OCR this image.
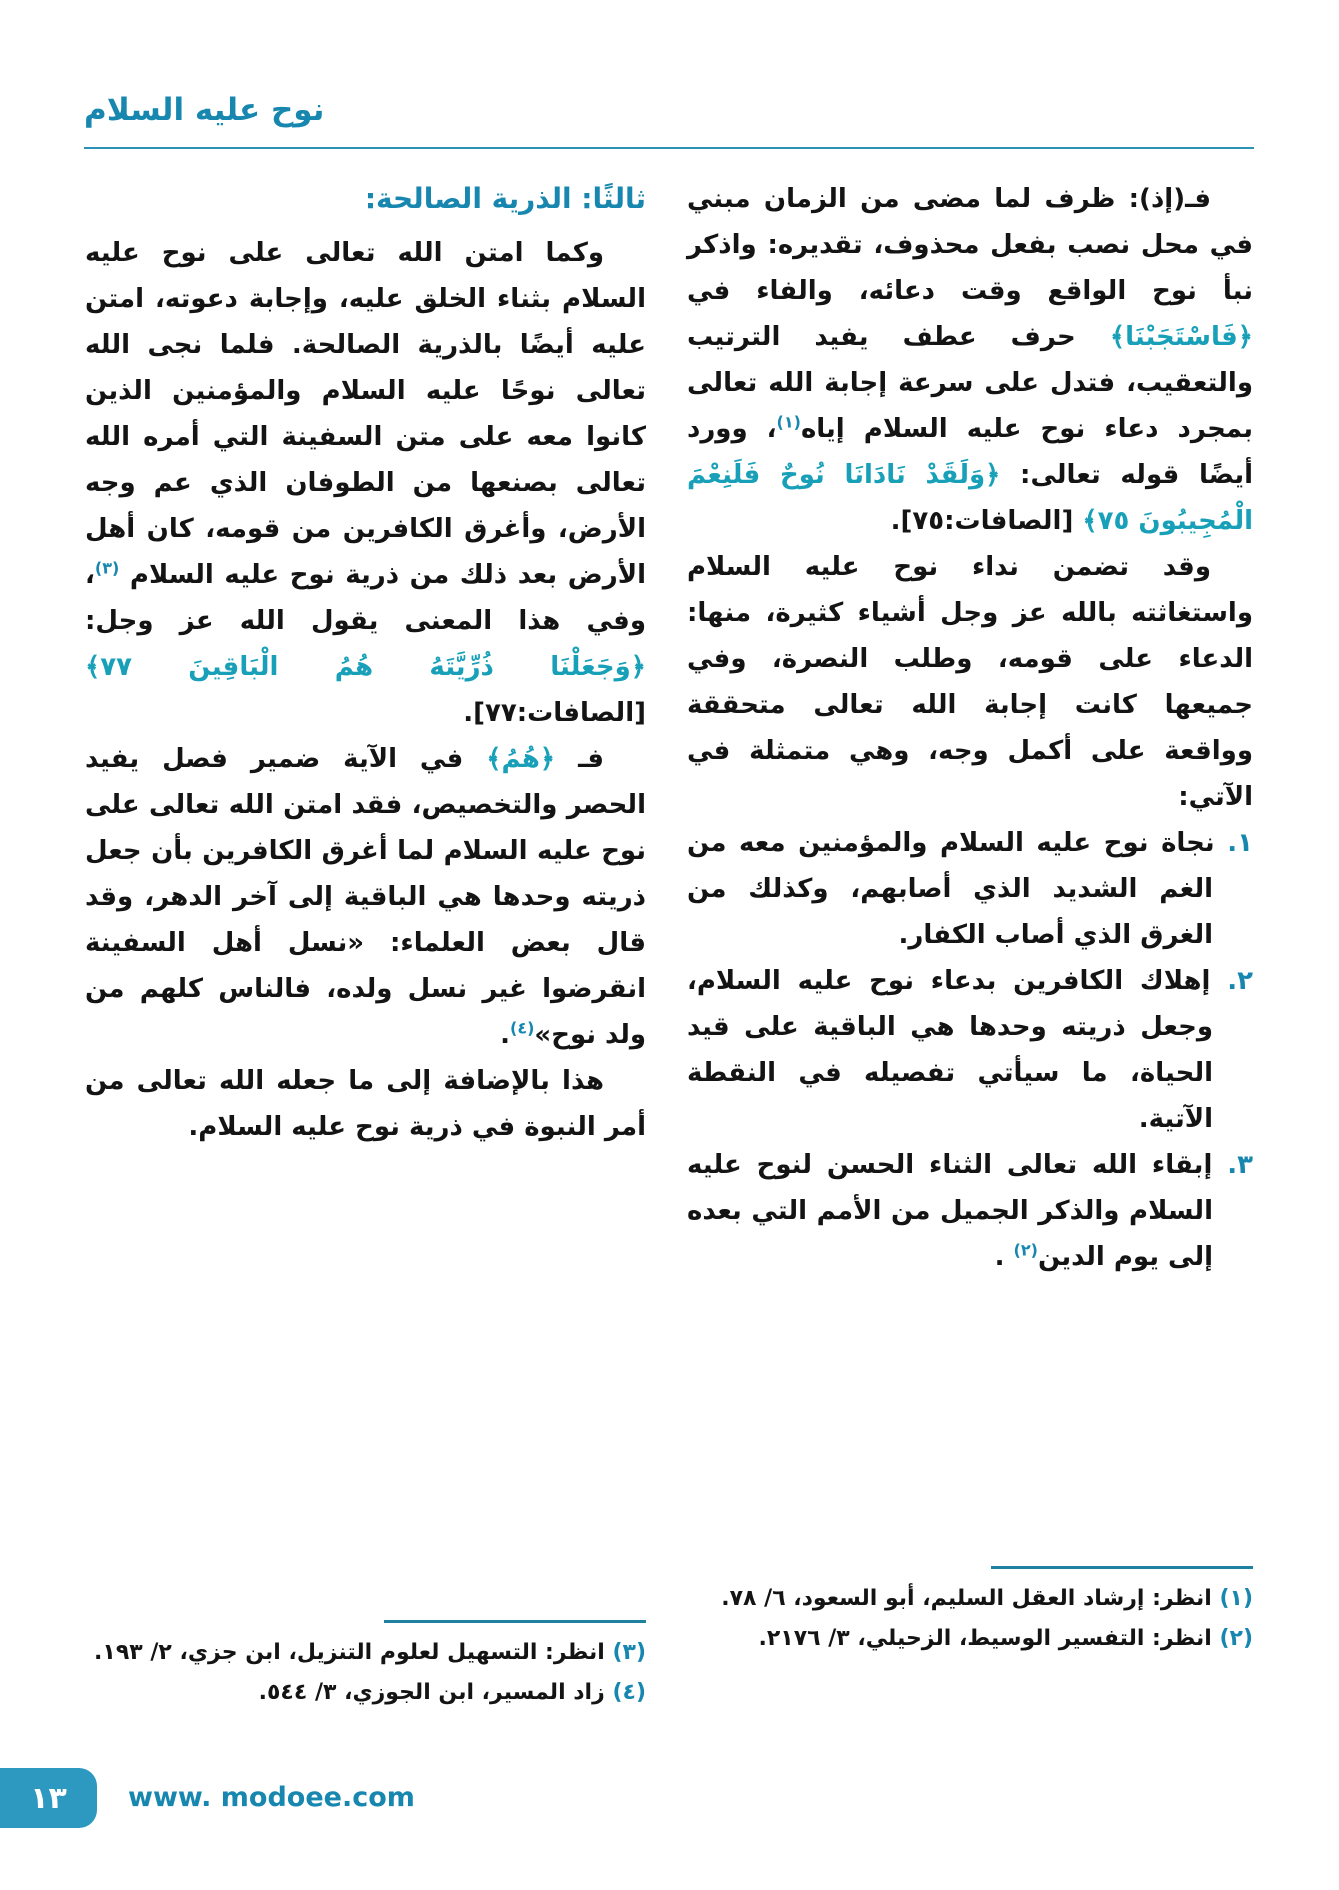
نوح عليه السلام

فـ(إذ): ظرف لما مضى من الزمان مبني في محل نصب بفعل محذوف، تقديره: واذكر نبأ نوح الواقع وقت دعائه، والفاء في ﴿فَاسْتَجَبْنَا﴾ حرف عطف يفيد الترتيب والتعقيب، فتدل على سرعة إجابة الله تعالى بمجرد دعاء نوح عليه السلام إياه$^{(١)}$، وورد أيضًا قوله تعالى: ﴿وَلَقَدْ نَادَانَا نُوحٌ فَلَنِعْمَ الْمُجِيبُونَ ٧٥﴾ [الصافات:٧٥].

وقد تضمن نداء نوح عليه السلام واستغاثته بالله عز وجل أشياء كثيرة، منها: الدعاء على قومه، وطلب النصرة، وفي جميعها كانت إجابة الله تعالى متحققة وواقعة على أكمل وجه، وهي متمثلة في الآتي:

١. نجاة نوح عليه السلام والمؤمنين معه من الغم الشديد الذي أصابهم، وكذلك من الغرق الذي أصاب الكفار.
٢. إهلاك الكافرين بدعاء نوح عليه السلام، وجعل ذريته وحدها هي الباقية على قيد الحياة، ما سيأتي تفصيله في النقطة الآتية.
٣. إبقاء الله تعالى الثناء الحسن لنوح عليه السلام والذكر الجميل من الأمم التي بعده إلى يوم الدين$^{(٢)}$ .
ثالثًا: الذرية الصالحة:

وكما امتن الله تعالى على نوح عليه السلام بثناء الخلق عليه، وإجابة دعوته، امتن عليه أيضًا بالذرية الصالحة. فلما نجى الله تعالى نوحًا عليه السلام والمؤمنين الذين كانوا معه على متن السفينة التي أمره الله تعالى بصنعها من الطوفان الذي عم وجه الأرض، وأغرق الكافرين من قومه، كان أهل الأرض بعد ذلك من ذرية نوح عليه السلام $^{(٣)}$، وفي هذا المعنى يقول الله عز وجل: ﴿وَجَعَلْنَا ذُرِّيَّتَهُ هُمُ الْبَاقِينَ ٧٧﴾ [الصافات:٧٧].

فـ ﴿هُمُ﴾ في الآية ضمير فصل يفيد الحصر والتخصيص، فقد امتن الله تعالى على نوح عليه السلام لما أغرق الكافرين بأن جعل ذريته وحدها هي الباقية إلى آخر الدهر، وقد قال بعض العلماء: «نسل أهل السفينة انقرضوا غير نسل ولده، فالناس كلهم من ولد نوح»$^{(٤)}$.

هذا بالإضافة إلى ما جعله الله تعالى من أمر النبوة في ذرية نوح عليه السلام.

(١) انظر: إرشاد العقل السليم، أبو السعود، ٦/ ٧٨.
(٢) انظر: التفسير الوسيط، الزحيلي، ٣/ ٢١٧٦.
(٣) انظر: التسهيل لعلوم التنزيل، ابن جزي، ٢/ ١٩٣.
(٤) زاد المسير، ابن الجوزي، ٣/ ٥٤٤.
١٣ www. modoee.com
